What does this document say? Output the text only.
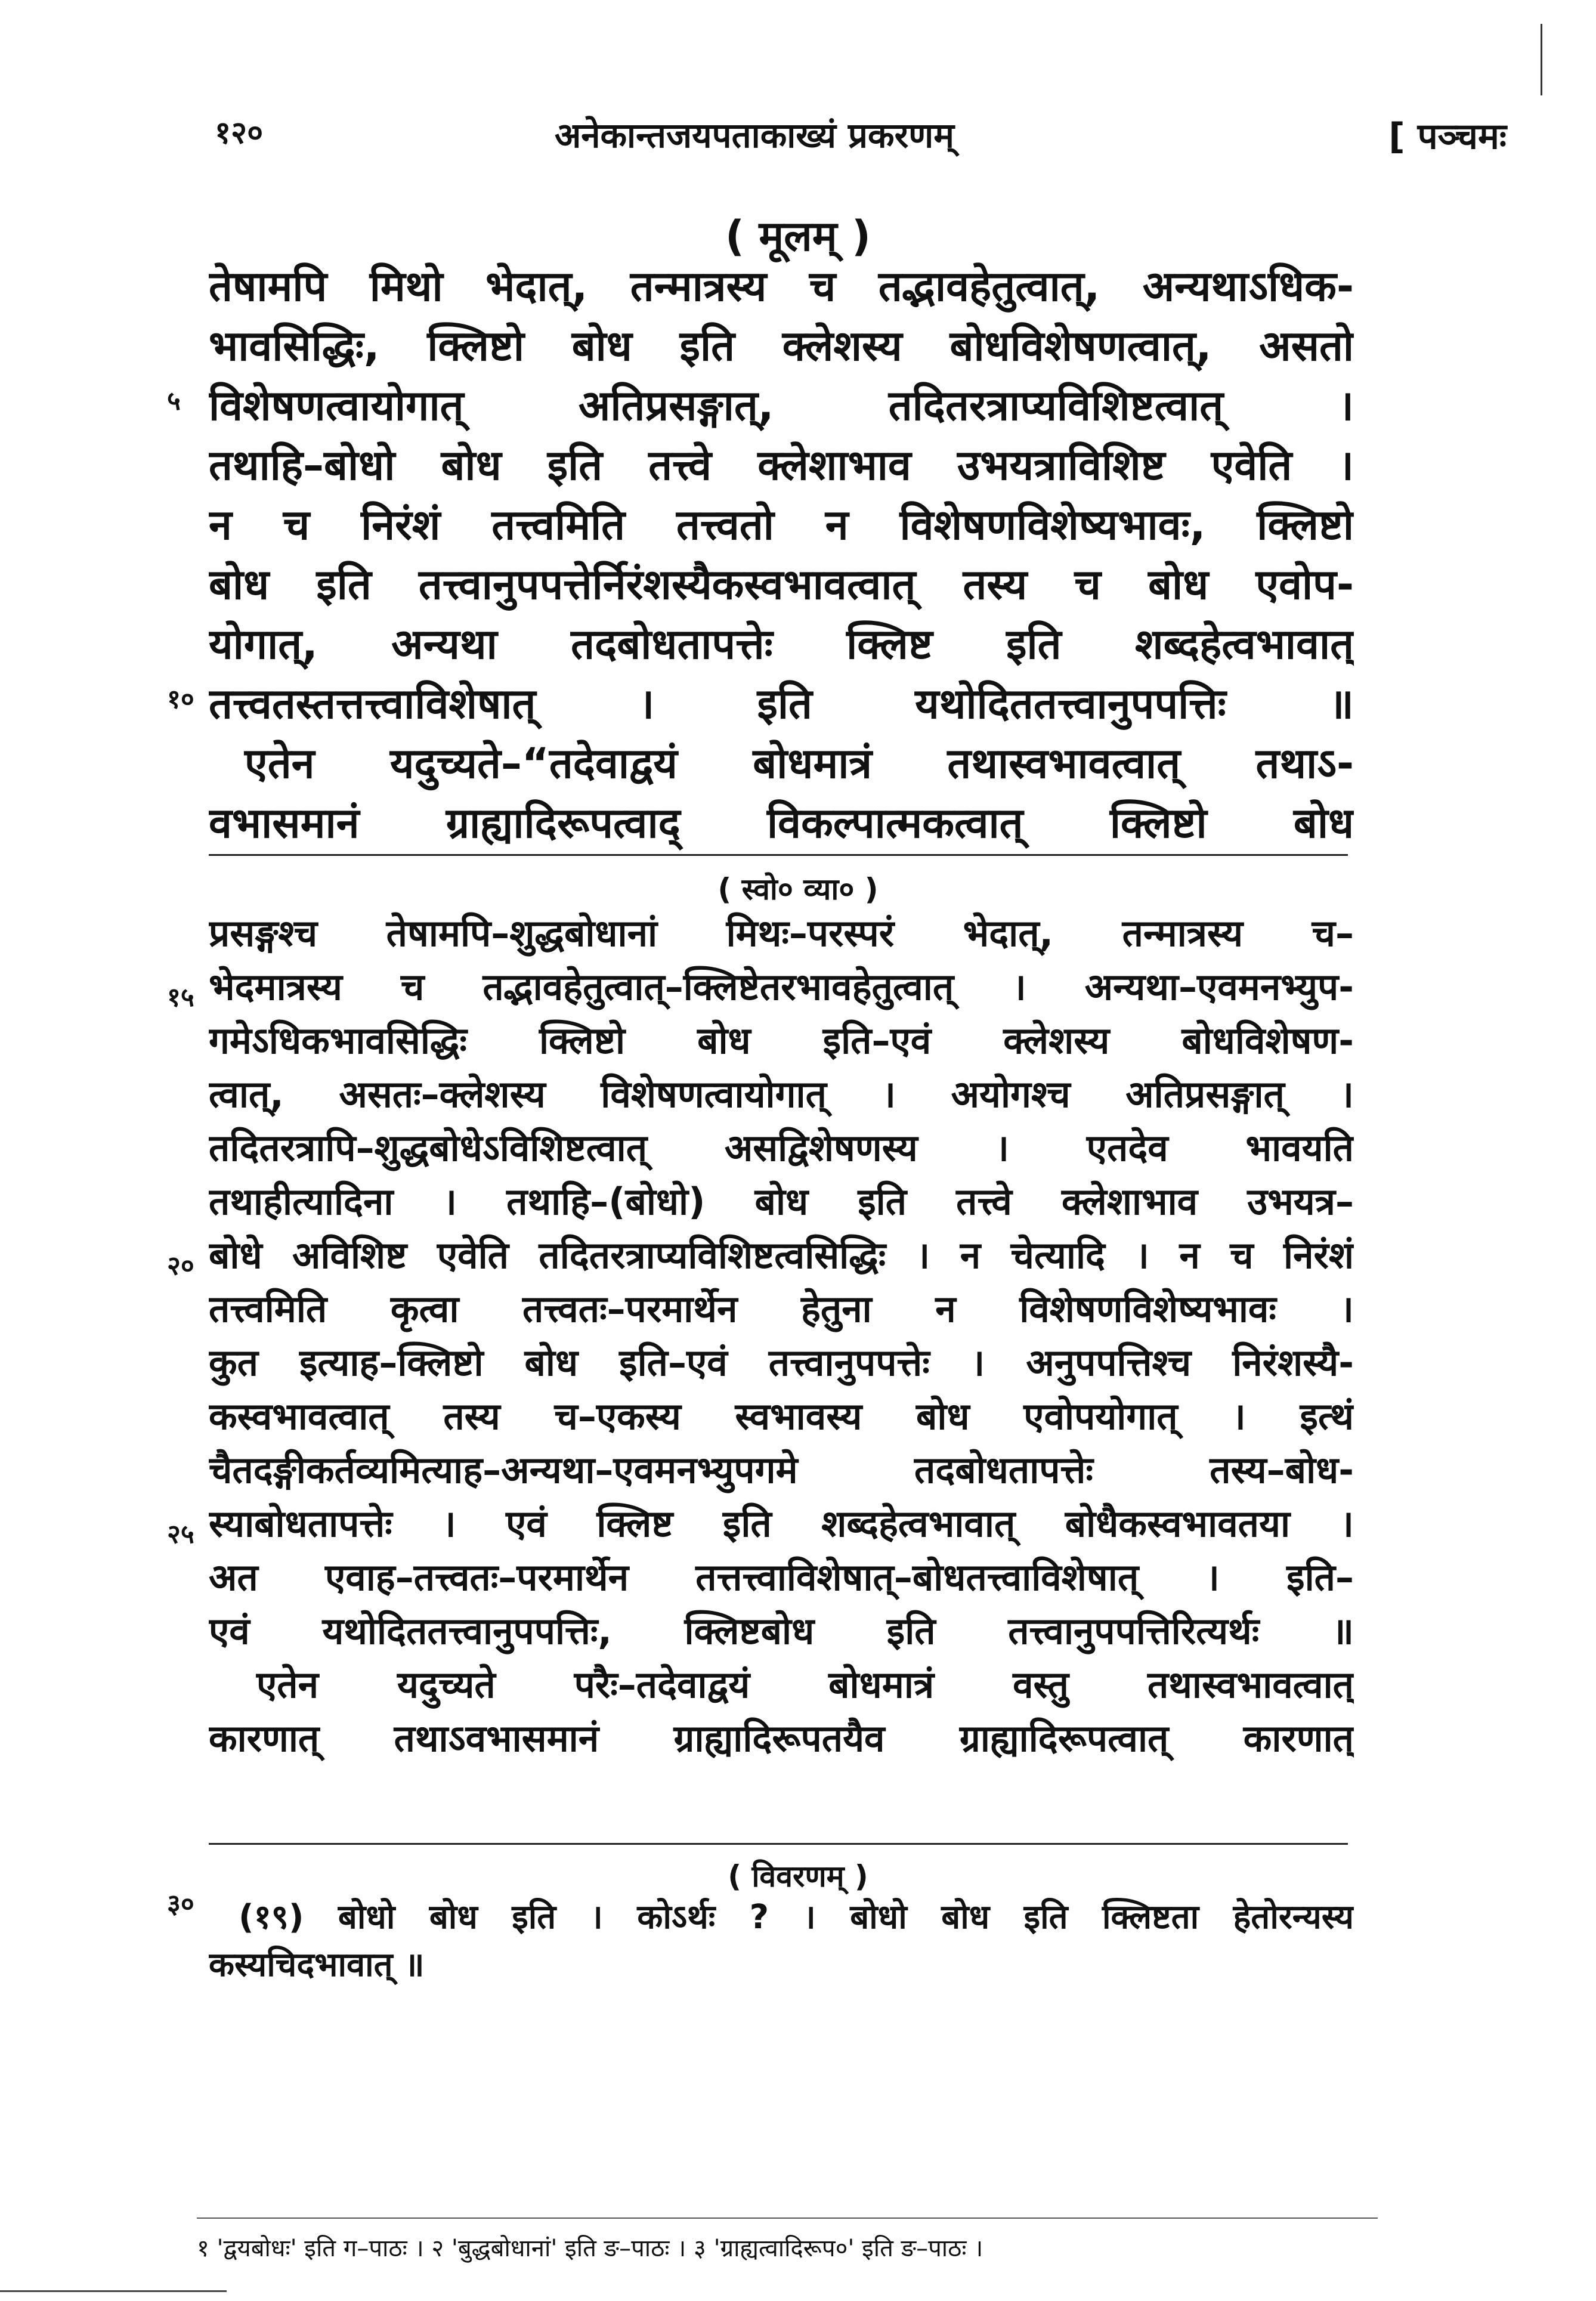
१२०	अनेकान्तजयपताकाख्यं प्रकरणम्	[ पञ्चमः
( मूलम् )
तेषामपि मिथो भेदात्, तन्मात्रस्य च तद्भावहेतुत्वात्, अन्यथाऽधिक-
भावसिद्धिः, क्लिष्टो बोध इति क्लेशस्य बोधविशेषणत्वात्, असतो
विशेषणत्वायोगात् अतिप्रसङ्गात्, तदितरत्राप्यविशिष्टत्वात् ।
तथाहि–बोधो बोध इति तत्त्वे क्लेशाभाव उभयत्राविशिष्ट एवेति ।
न च निरंशं तत्त्वमिति तत्त्वतो न विशेषणविशेष्यभावः, क्लिष्टो
बोध इति तत्त्वानुपपत्तेर्निरंशस्यैकस्वभावत्वात् तस्य च बोध एवोप-
योगात्, अन्यथा तदबोधतापत्तेः क्लिष्ट इति शब्दहेत्वभावात्
तत्त्वतस्तत्तत्त्वाविशेषात् । इति यथोदिततत्त्वानुपपत्तिः ॥
एतेन यदुच्यते–“तदेवाद्वयं बोधमात्रं तथास्वभावत्वात् तथाऽ-
वभासमानं ग्राह्यादिरूपत्वाद् विकल्पात्मकत्वात् क्लिष्टो बोध
५
१०
( स्वो० व्या० )
प्रसङ्गश्च तेषामपि–शुद्धबोधानां मिथः–परस्परं भेदात्, तन्मात्रस्य च–
भेदमात्रस्य च तद्भावहेतुत्वात्–क्लिष्टेतरभावहेतुत्वात् । अन्यथा–एवमनभ्युप-
गमेऽधिकभावसिद्धिः क्लिष्टो बोध इति–एवं क्लेशस्य बोधविशेषण-
त्वात्, असतः–क्लेशस्य विशेषणत्वायोगात् । अयोगश्च अतिप्रसङ्गात् ।
तदितरत्रापि–शुद्धबोधेऽविशिष्टत्वात् असद्विशेषणस्य । एतदेव भावयति
तथाहीत्यादिना । तथाहि–(बोधो) बोध इति तत्त्वे क्लेशाभाव उभयत्र–
बोधे अविशिष्ट एवेति तदितरत्राप्यविशिष्टत्वसिद्धिः । न चेत्यादि । न च निरंशं
तत्त्वमिति कृत्वा तत्त्वतः–परमार्थेन हेतुना न विशेषणविशेष्यभावः ।
कुत इत्याह–क्लिष्टो बोध इति–एवं तत्त्वानुपपत्तेः । अनुपपत्तिश्च निरंशस्यै-
कस्वभावत्वात् तस्य च–एकस्य स्वभावस्य बोध एवोपयोगात् । इत्थं
चैतदङ्गीकर्तव्यमित्याह–अन्यथा–एवमनभ्युपगमे तदबोधतापत्तेः तस्य–बोध-
स्याबोधतापत्तेः । एवं क्लिष्ट इति शब्दहेत्वभावात् बोधैकस्वभावतया ।
अत एवाह–तत्त्वतः–परमार्थेन तत्तत्त्वाविशेषात्–बोधतत्त्वाविशेषात् । इति–
एवं यथोदिततत्त्वानुपपत्तिः, क्लिष्टबोध इति तत्त्वानुपपत्तिरित्यर्थः ॥
एतेन यदुच्यते परैः–तदेवाद्वयं बोधमात्रं वस्तु तथास्वभावत्वात्
कारणात् तथाऽवभासमानं ग्राह्यादिरूपतयैव ग्राह्यादिरूपत्वात् कारणात्
१५
२०
२५
( विवरणम् )
३०	(१९) बोधो बोध इति । कोऽर्थः ? । बोधो बोध इति क्लिष्टता हेतोरन्यस्य
कस्यचिदभावात् ॥
१ 'द्वयबोधः' इति ग–पाठः । २ 'बुद्धबोधानां' इति ङ–पाठः । ३ 'ग्राह्यत्वादिरूप०' इति ङ–पाठः ।
